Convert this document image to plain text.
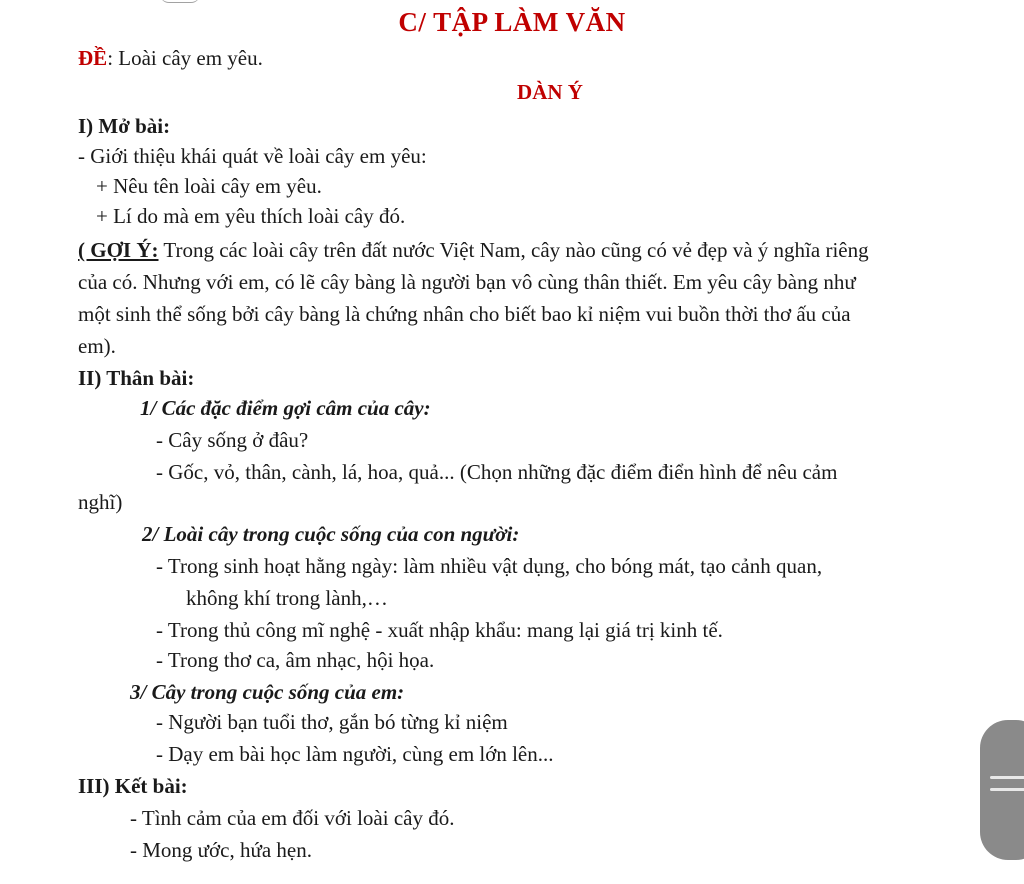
C/ TẬP LÀM VĂN
ĐỀ: Loài cây em yêu.
DÀN Ý
I) Mở bài:
- Giới thiệu khái quát về loài cây em yêu:
+ Nêu tên loài cây em yêu.
+ Lí do mà em yêu thích loài cây đó.
( GỢI Ý: Trong các loài cây trên đất nước Việt Nam, cây nào cũng có vẻ đẹp và ý nghĩa riêng
của có. Nhưng với em, có lẽ cây bàng là người bạn vô cùng thân thiết. Em yêu cây bàng như
một sinh thể sống bởi cây bàng là chứng nhân cho biết bao kỉ niệm vui buồn thời thơ ấu của
em).
II) Thân bài:
1/ Các đặc điểm gợi câm của cây:
- Cây sống ở đâu?
- Gốc, vỏ, thân, cành, lá, hoa, quả... (Chọn những đặc điểm điển hình để nêu cảm
nghĩ)
2/ Loài cây trong cuộc sống của con người:
- Trong sinh hoạt hằng ngày: làm nhiều vật dụng, cho bóng mát, tạo cảnh quan,
không khí trong lành,…
- Trong thủ công mĩ nghệ - xuất nhập khẩu: mang lại giá trị kinh tế.
- Trong thơ ca, âm nhạc, hội họa.
3/ Cây trong cuộc sống của em:
- Người bạn tuổi thơ, gắn bó từng kỉ niệm
- Dạy em bài học làm người, cùng em lớn lên...
III) Kết bài:
- Tình cảm của em đối với loài cây đó.
- Mong ước, hứa hẹn.
